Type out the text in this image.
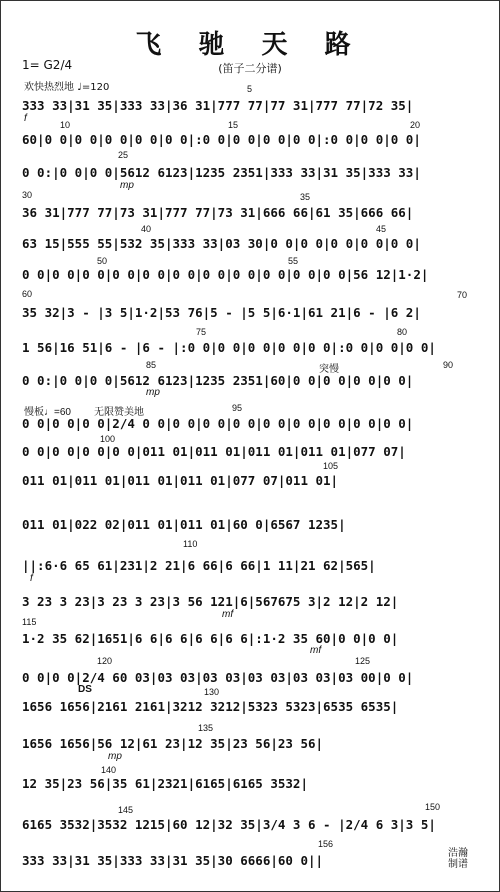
飞 驰 天 路
(笛子二分谱)
1= G2/4
欢快热烈地 ♩=120
333 33|31 35|333 33|36 31|777 77|77 31|777 77|72 35|
60|0 0|0 0|0 0|0 0|0 0|:0 0|0 0|0 0|0 0|:0 0|0 0|0 0|
0 0:|0 0|0 0|5612 6123|1235 2351|333 33|31 35|333 33|
36 31|777 77|73 31|777 77|73 31|666 66|61 35|666 66|
63 15|555 55|532 35|333 33|03 30|0 0|0 0|0 0|0 0|0 0|
0 0|0 0|0 0|0 0|0 0|0 0|0 0|0 0|0 0|0 0|0 0|56 12|1·2|
35 32|3 - |3 5|1·2|53 76|5 - |5 5|6·1|61 21|6 - |6 2|
1 56|16 51|6 - |6 - |:0 0|0 0|0 0|0 0|0 0|:0 0|0 0|0 0|
0 0:|0 0|0 0|5612 6123|1235 2351|60|0 0|0 0|0 0|0 0|
0 0|0 0|0 0|2/4 0 0|0 0|0 0|0 0|0 0|0 0|0 0|0 0|0 0|
0 0|0 0|0 0|0 0|011 01|011 01|011 01|011 01|077 07|
011 01|011 01|011 01|011 01|077 07|011 01|
011 01|022 02|011 01|011 01|60 0|6567 1235|
||:6·6 65 61|231|2 21|6 66|6 66|1 11|21 62|565|
3 23 3 23|3 23 3 23|3 56 121|6|567675 3|2 12|2 12|
1·2 35 62|1651|6 6|6 6|6 6|6 6|:1·2 35 60|0 0|0 0|
0 0|0 0|2/4 60 03|03 03|03 03|03 03|03 03|03 00|0 0|
1656 1656|2161 2161|3212 3212|5323 5323|6535 6535|
1656 1656|56 12|61 23|12 35|23 56|23 56|
12 35|23 56|35 61|2321|6165|6165 3532|
6165 3532|3532 1215|60 12|32 35|3/4 3 6 - |2/4 6 3|3 5|
333 33|31 35|333 33|31 35|30 6666|60 0||
5
10	15	20
25
30	35
40	45
50	55
60	70
75	80
85	90
95
100
105
110
115
120	125
130
135
140
145	150
156
慢板♩=60 无限赞美地
突慢
DS
f
mp
mp
f
mf
mf
mp
浩瀚
制谱
